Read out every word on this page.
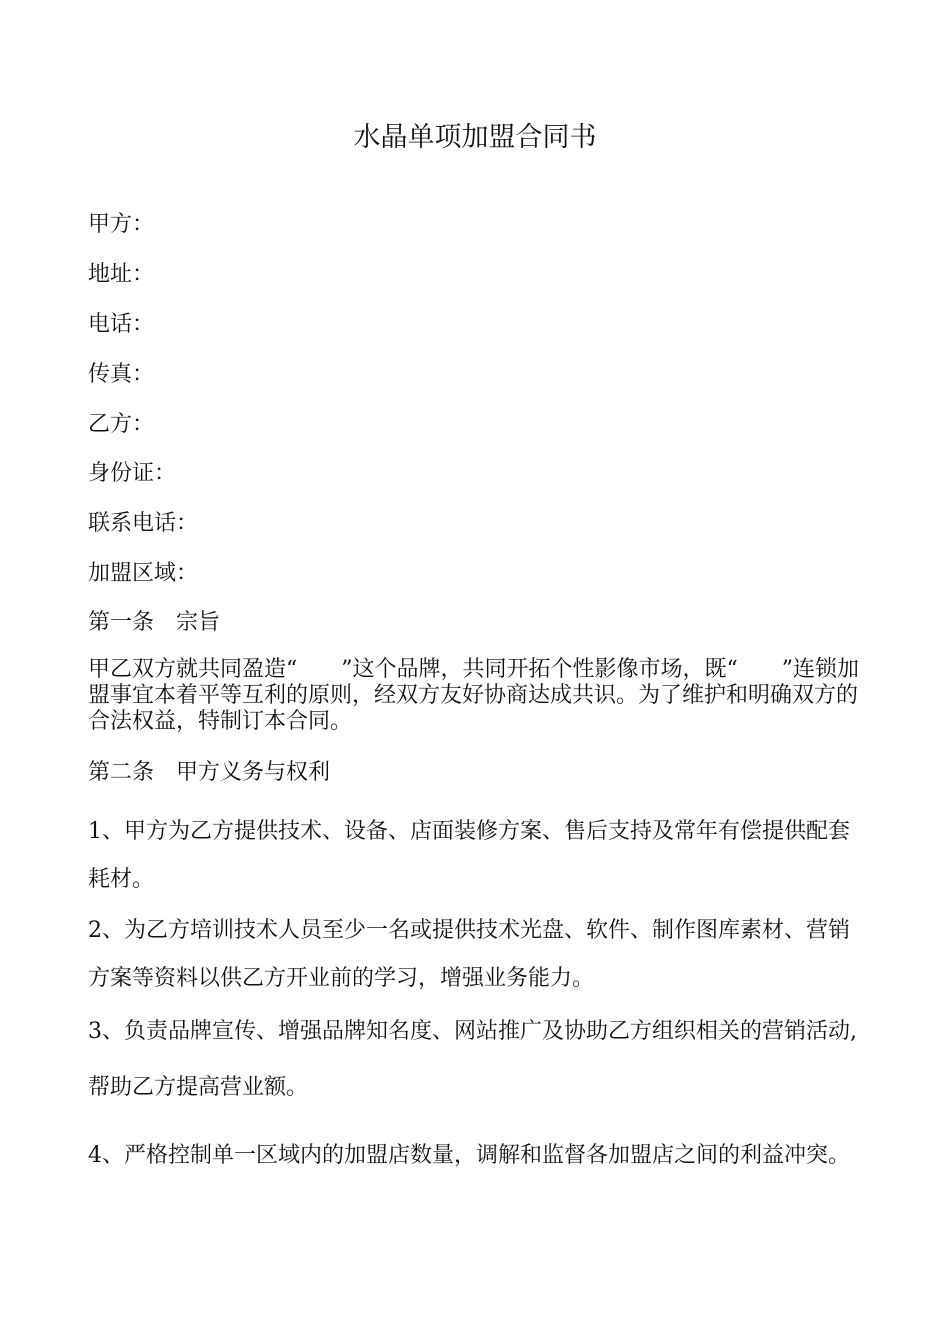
水晶单项加盟合同书

甲方：

地址：

电话：

传真：

乙方：

身份证：

联系电话：

加盟区域：

第一条　宗旨

甲乙双方就共同盈造“　　”这个品牌，共同开拓个性影像市场，既“　　”连锁加盟事宜本着平等互利的原则，经双方友好协商达成共识。为了维护和明确双方的合法权益，特制订本合同。

第二条　甲方义务与权利

1、甲方为乙方提供技术、设备、店面装修方案、售后支持及常年有偿提供配套耗材。

2、为乙方培训技术人员至少一名或提供技术光盘、软件、制作图库素材、营销方案等资料以供乙方开业前的学习，增强业务能力。

3、负责品牌宣传、增强品牌知名度、网站推广及协助乙方组织相关的营销活动,帮助乙方提高营业额。

4、严格控制单一区域内的加盟店数量，调解和监督各加盟店之间的利益冲突。
